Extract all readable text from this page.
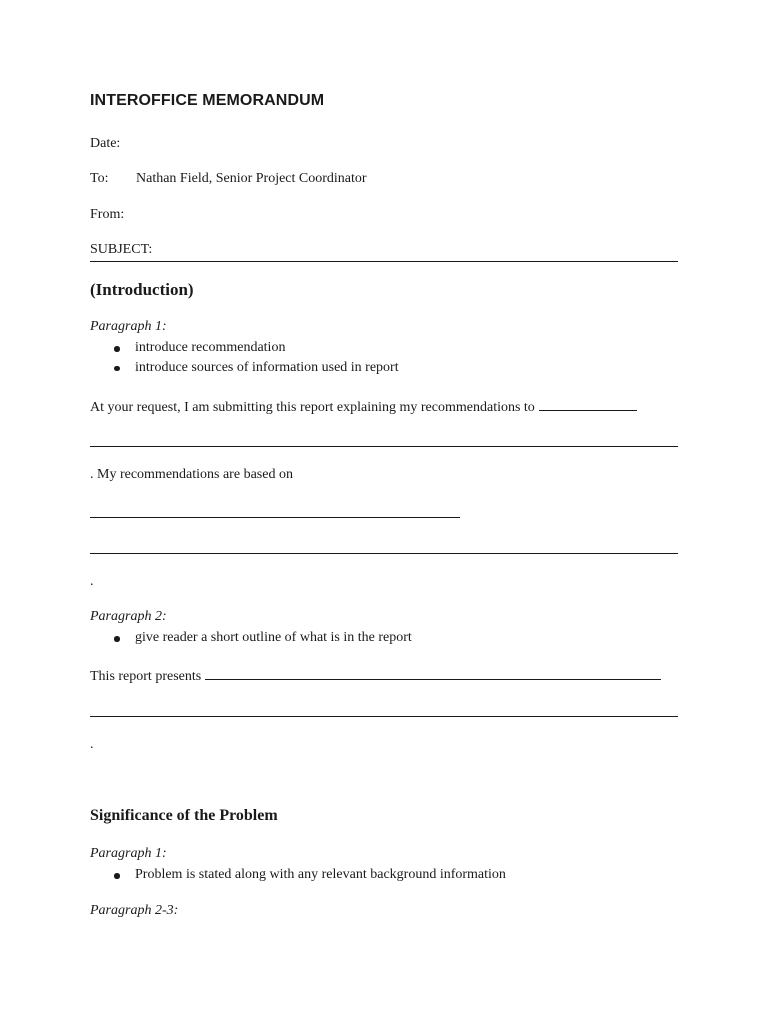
INTEROFFICE MEMORANDUM
Date:
To: Nathan Field, Senior Project Coordinator
From:
SUBJECT:
(Introduction)
Paragraph 1:
introduce recommendation
introduce sources of information used in report
At your request, I am submitting this report explaining my recommendations to
. My recommendations are based on
.
Paragraph 2:
give reader a short outline of what is in the report
This report presents
.
Significance of the Problem
Paragraph 1:
Problem is stated along with any relevant background information
Paragraph 2-3:
